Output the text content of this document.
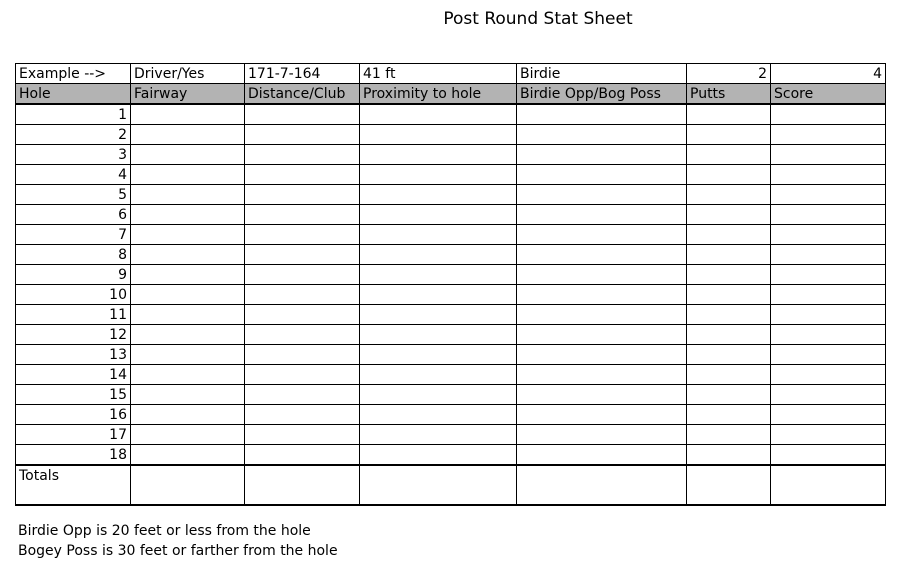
Post Round Stat Sheet
Example -->	Driver/Yes	171-7-164	41 ft	Birdie	2	4
Hole	Fairway	Distance/Club	Proximity to hole	Birdie Opp/Bog Poss	Putts	Score
1						
2						
3						
4						
5						
6						
7						
8						
9						
10						
11						
12						
13						
14						
15						
16						
17						
18						
Totals						

Birdie Opp is 20 feet or less from the hole
Bogey Poss is 30 feet or farther from the hole
